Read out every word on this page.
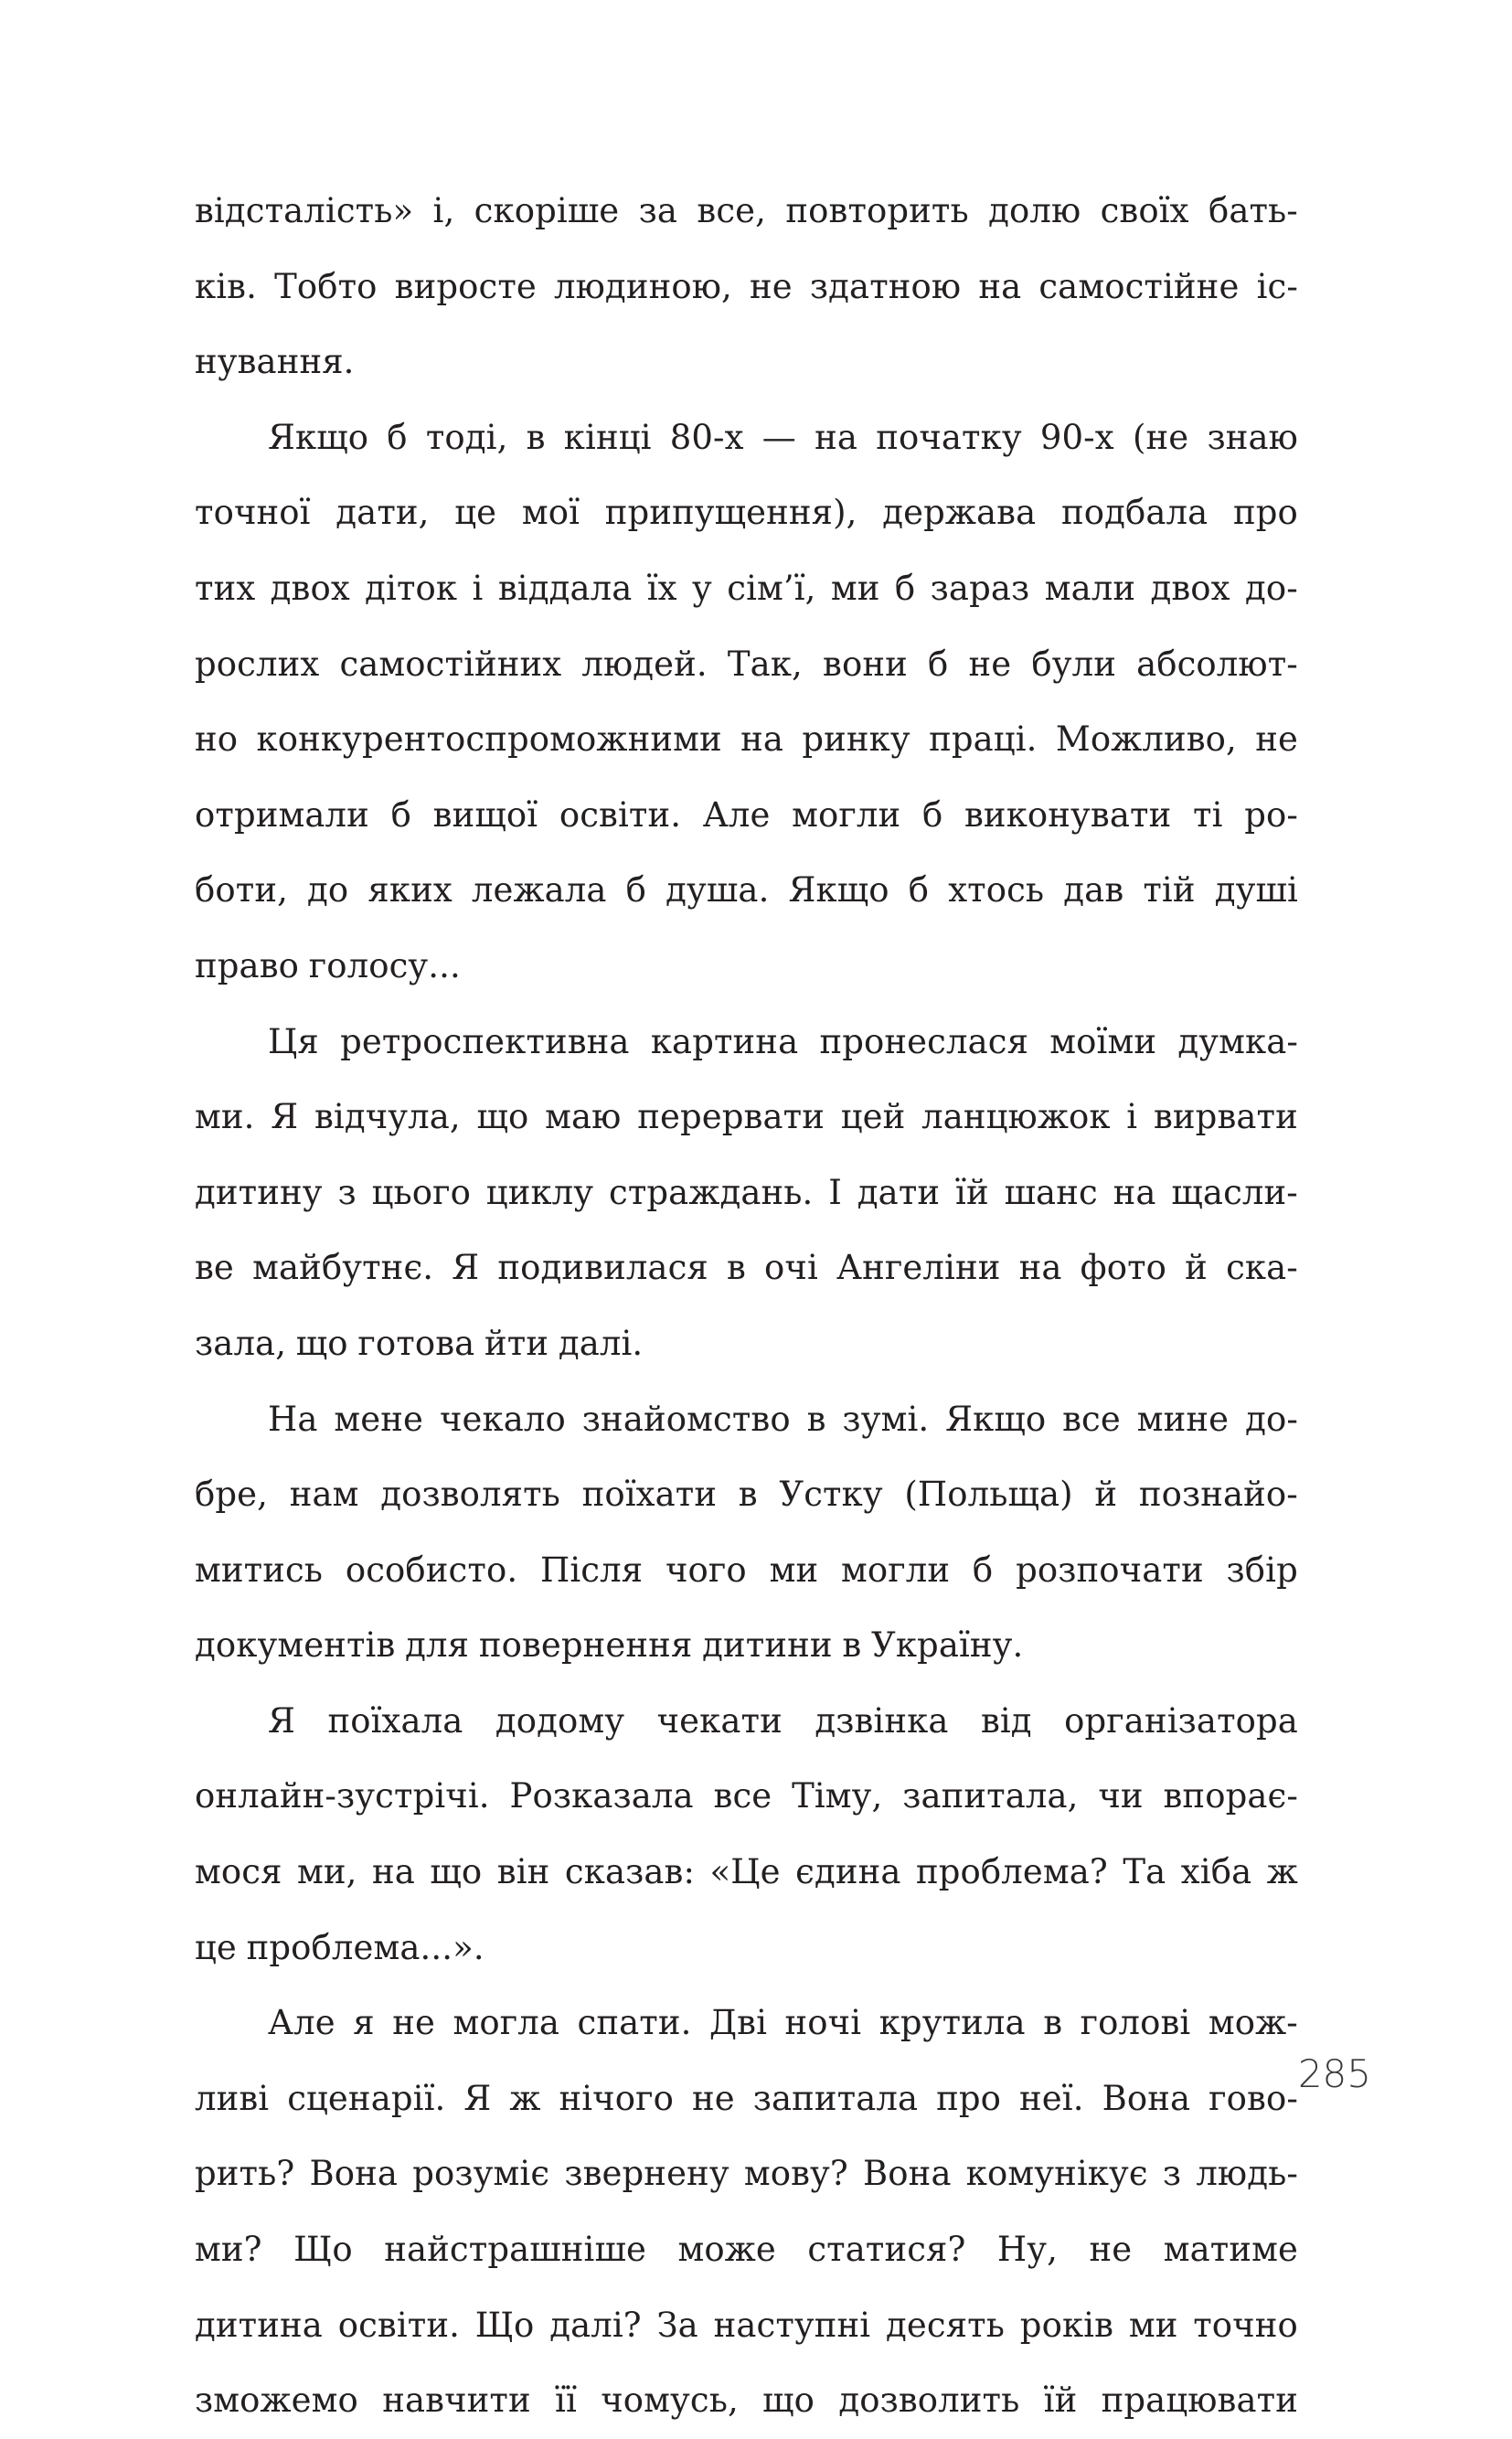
відсталість» і, скоріше за все, повторить долю своїх бать-
ків. Тобто виросте людиною, не здатною на самостійне іс-
нування.
Якщо б тоді, в кінці 80-х — на початку 90-х (не знаю
точної дати, це мої припущення), держава подбала про
тих двох діток і віддала їх у сім’ї, ми б зараз мали двох до-
рослих самостійних людей. Так, вони б не були абсолют-
но конкурентоспроможними на ринку праці. Можливо, не
отримали б вищої освіти. Але могли б виконувати ті ро-
боти, до яких лежала б душа. Якщо б хтось дав тій душі
право голосу...
Ця ретроспективна картина пронеслася моїми думка-
ми. Я відчула, що маю перервати цей ланцюжок і вирвати
дитину з цього циклу страждань. І дати їй шанс на щасли-
ве майбутнє. Я подивилася в очі Ангеліни на фото й ска-
зала, що готова йти далі.
На мене чекало знайомство в зумі. Якщо все мине до-
бре, нам дозволять поїхати в Устку (Польща) й познайо-
митись особисто. Після чого ми могли б розпочати збір
документів для повернення дитини в Україну.
Я поїхала додому чекати дзвінка від організатора
онлайн-зустрічі. Розказала все Тіму, запитала, чи впорає-
мося ми, на що він сказав: «Це єдина проблема? Та хіба ж
це проблема...».
Але я не могла спати. Дві ночі крутила в голові мож-
ливі сценарії. Я ж нічого не запитала про неї. Вона гово-
рить? Вона розуміє звернену мову? Вона комунікує з людь-
ми? Що найстрашніше може статися? Ну, не матиме
дитина освіти. Що далі? За наступні десять років ми точно
зможемо навчити її чомусь, що дозволить їй працювати
285
